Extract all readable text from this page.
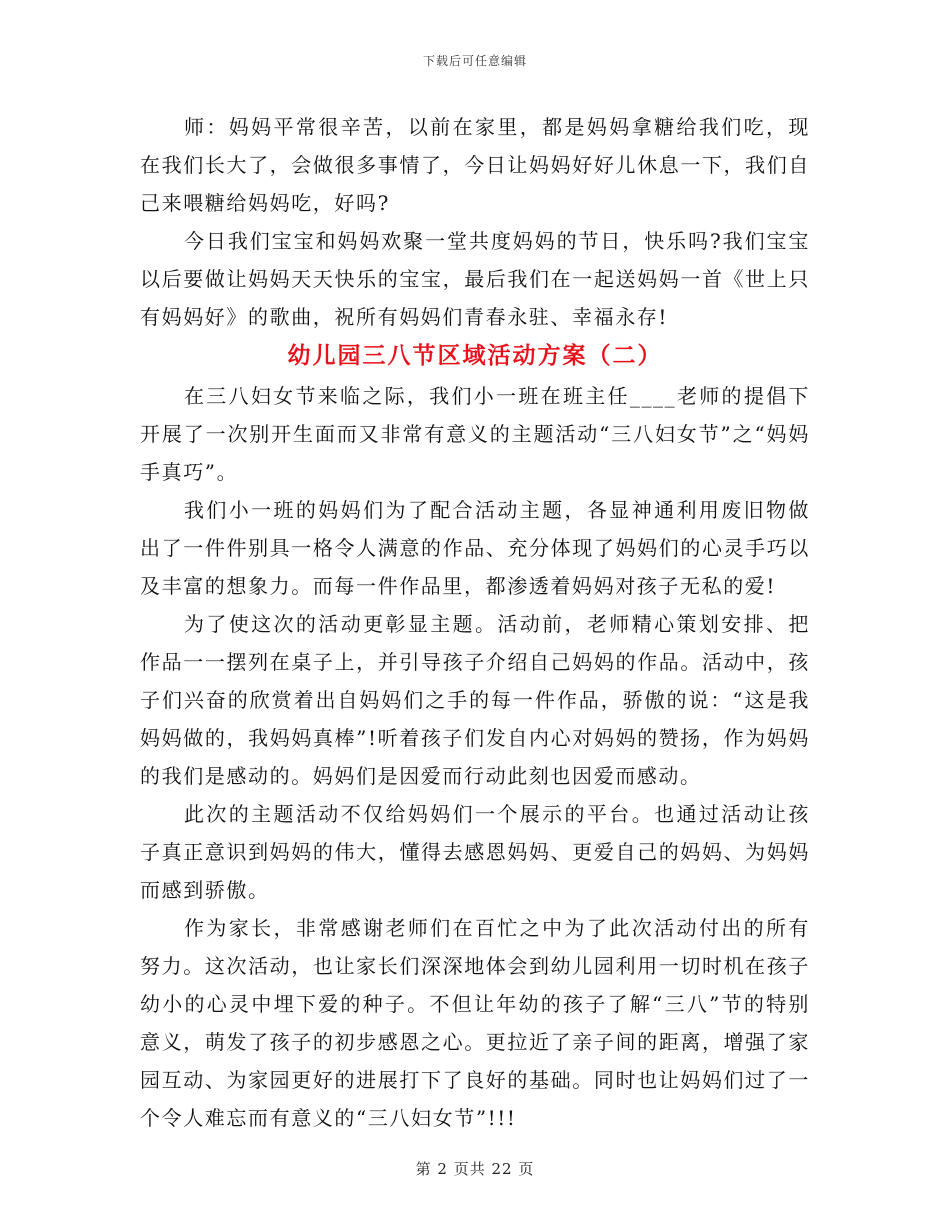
下载后可任意编辑

师：妈妈平常很辛苦，以前在家里，都是妈妈拿糖给我们吃，现在我们长大了，会做很多事情了，今日让妈妈好好儿休息一下，我们自己来喂糖给妈妈吃，好吗?

今日我们宝宝和妈妈欢聚一堂共度妈妈的节日，快乐吗?我们宝宝以后要做让妈妈天天快乐的宝宝，最后我们在一起送妈妈一首《世上只有妈妈好》的歌曲，祝所有妈妈们青春永驻、幸福永存!

幼儿园三八节区域活动方案（二）

在三八妇女节来临之际，我们小一班在班主任____老师的提倡下开展了一次别开生面而又非常有意义的主题活动“三八妇女节”之“妈妈手真巧”。

我们小一班的妈妈们为了配合活动主题，各显神通利用废旧物做出了一件件别具一格令人满意的作品、充分体现了妈妈们的心灵手巧以及丰富的想象力。而每一件作品里，都渗透着妈妈对孩子无私的爱!

为了使这次的活动更彰显主题。活动前，老师精心策划安排、把作品一一摆列在桌子上，并引导孩子介绍自己妈妈的作品。活动中，孩子们兴奋的欣赏着出自妈妈们之手的每一件作品，骄傲的说：“这是我妈妈做的，我妈妈真棒”!听着孩子们发自内心对妈妈的赞扬，作为妈妈的我们是感动的。妈妈们是因爱而行动此刻也因爱而感动。

此次的主题活动不仅给妈妈们一个展示的平台。也通过活动让孩子真正意识到妈妈的伟大，懂得去感恩妈妈、更爱自己的妈妈、为妈妈而感到骄傲。

作为家长，非常感谢老师们在百忙之中为了此次活动付出的所有努力。这次活动，也让家长们深深地体会到幼儿园利用一切时机在孩子幼小的心灵中埋下爱的种子。不但让年幼的孩子了解“三八”节的特别意义，萌发了孩子的初步感恩之心。更拉近了亲子间的距离，增强了家园互动、为家园更好的进展打下了良好的基础。同时也让妈妈们过了一个令人难忘而有意义的“三八妇女节”!!!

第 2 页共 22 页
